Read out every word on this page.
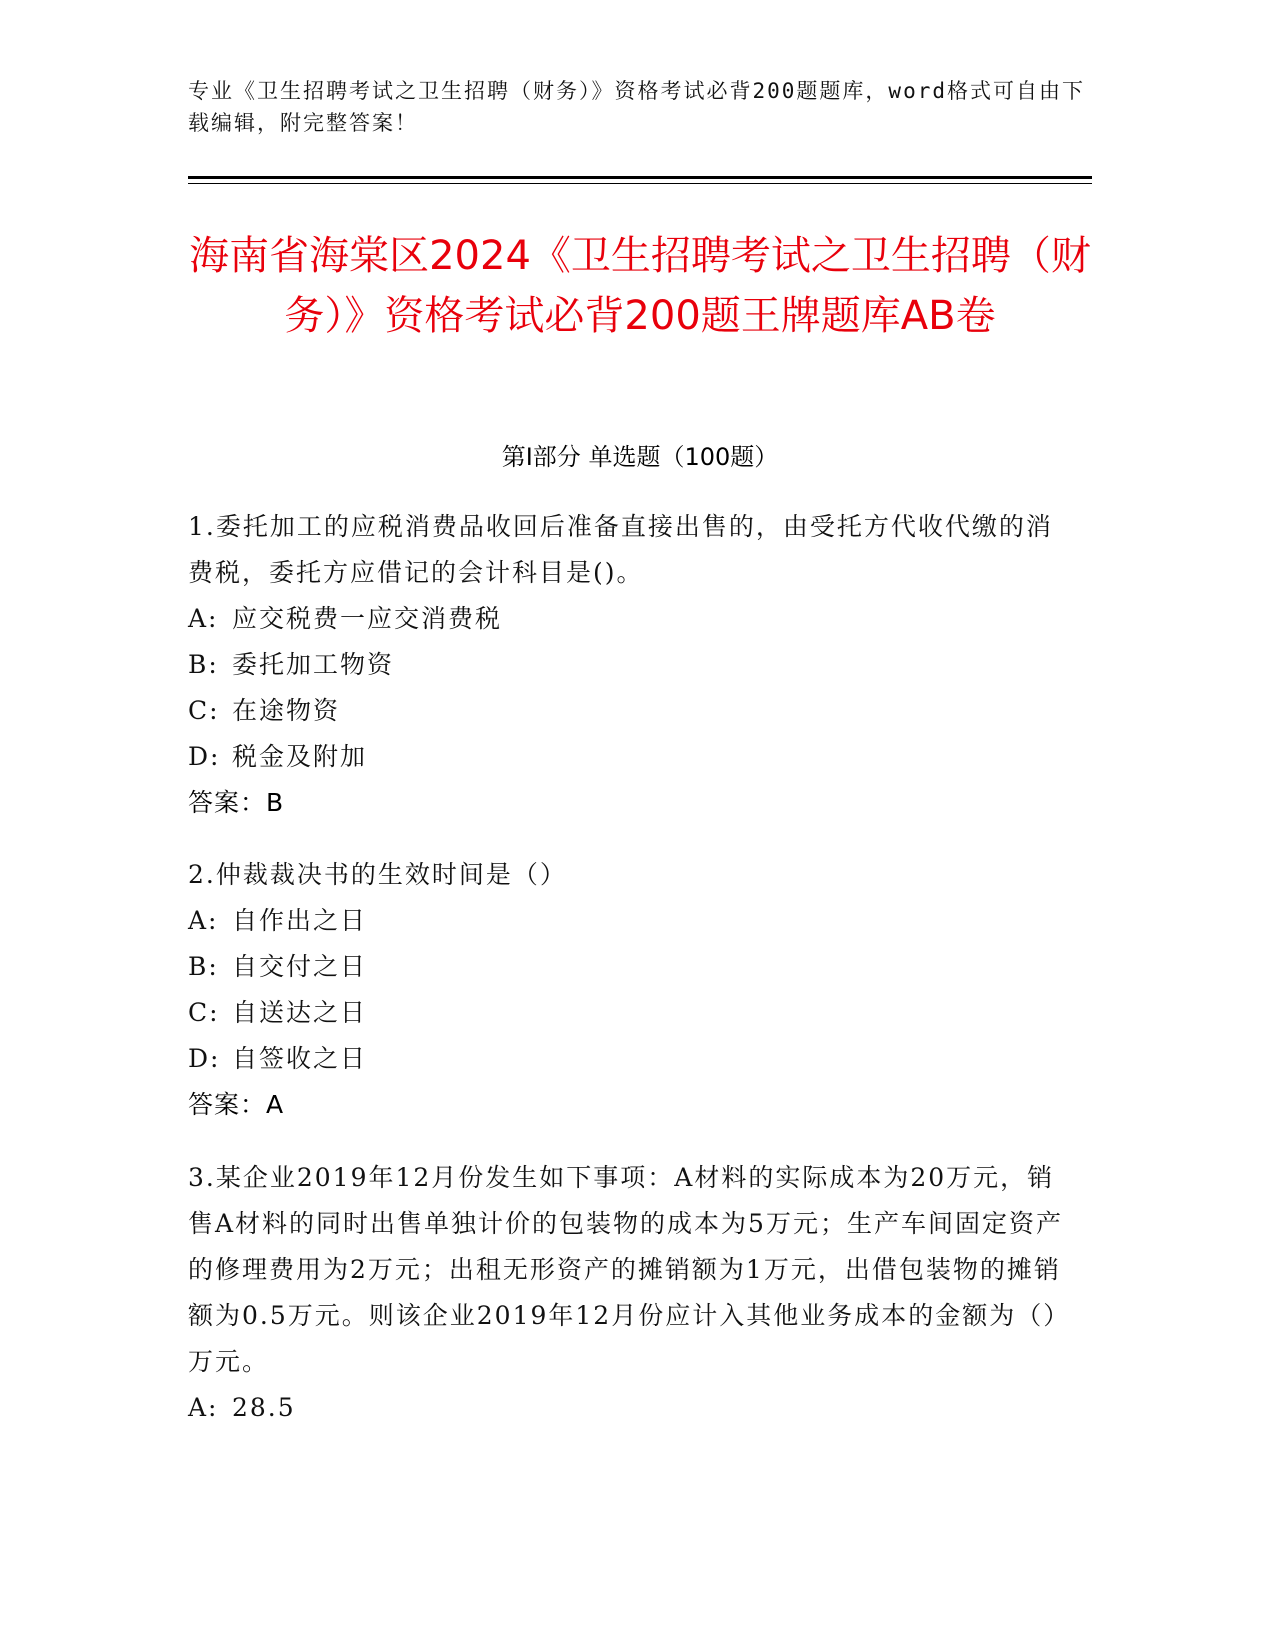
专业《卫生招聘考试之卫生招聘（财务）》资格考试必背200题题库，word格式可自由下载编辑，附完整答案！
海南省海棠区2024《卫生招聘考试之卫生招聘（财务）》资格考试必背200题王牌题库AB卷
第Ⅰ部分 单选题（100题）

1.委托加工的应税消费品收回后准备直接出售的，由受托方代收代缴的消费税，委托方应借记的会计科目是()。

A: 应交税费一应交消费税
B: 委托加工物资
C: 在途物资
D: 税金及附加
答案：B

2.仲裁裁决书的生效时间是（）

A: 自作出之日
B: 自交付之日
C: 自送达之日
D: 自签收之日
答案：A

3.某企业2019年12月份发生如下事项：A材料的实际成本为20万元，销售A材料的同时出售单独计价的包装物的成本为5万元；生产车间固定资产的修理费用为2万元；出租无形资产的摊销额为1万元，出借包装物的摊销额为0.5万元。则该企业2019年12月份应计入其他业务成本的金额为（）万元。

A: 28.5
